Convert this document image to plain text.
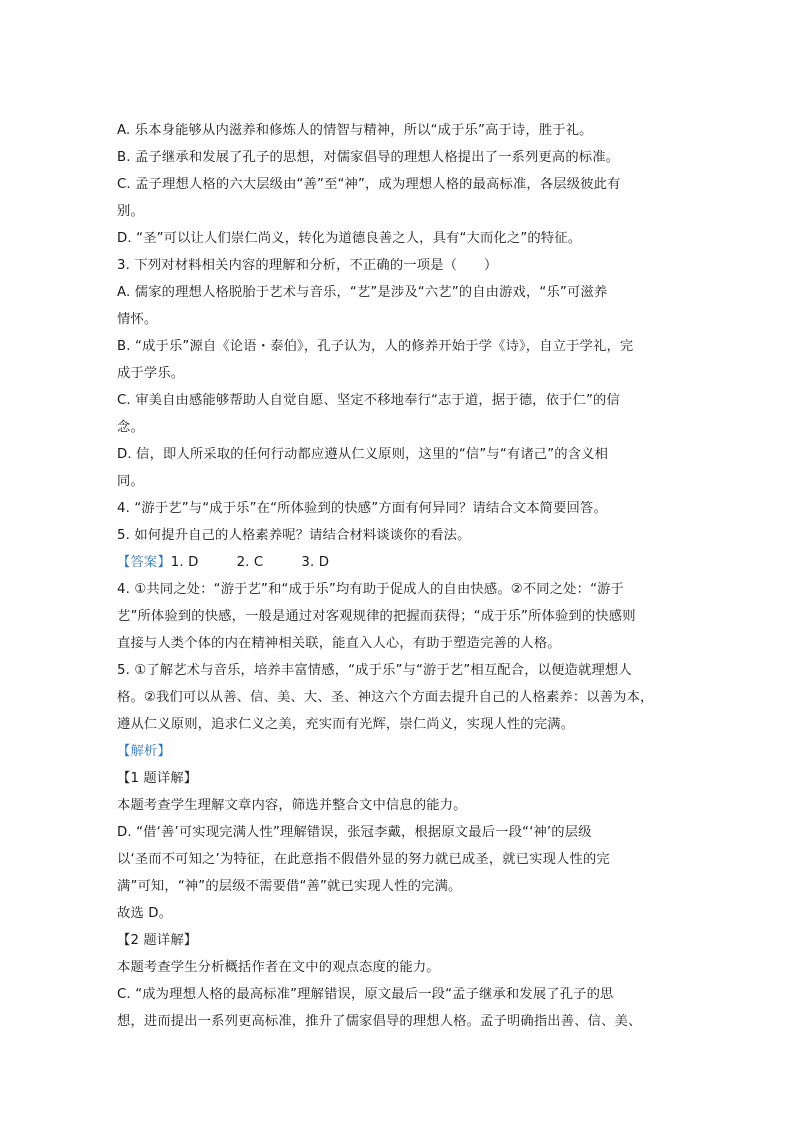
A. 乐本身能够从内滋养和修炼人的情智与精神，所以“成于乐”高于诗，胜于礼。
B. 孟子继承和发展了孔子的思想，对儒家倡导的理想人格提出了一系列更高的标准。
C. 孟子理想人格的六大层级由“善”至“神”，成为理想人格的最高标准，各层级彼此有
别。
D. “圣”可以让人们崇仁尚义，转化为道德良善之人，具有“大而化之”的特征。
3. 下列对材料相关内容的理解和分析，不正确的一项是（　　）
A. 儒家的理想人格脱胎于艺术与音乐，“艺”是涉及“六艺”的自由游戏，“乐”可滋养
情怀。
B. “成于乐”源自《论语・泰伯》，孔子认为，人的修养开始于学《诗》，自立于学礼，完
成于学乐。
C. 审美自由感能够帮助人自觉自愿、坚定不移地奉行“志于道，据于德，依于仁”的信
念。
D. 信，即人所采取的任何行动都应遵从仁义原则，这里的“信”与“有诸己”的含义相
同。
4. “游于艺”与“成于乐”在“所体验到的快感”方面有何异同？请结合文本简要回答。
5. 如何提升自己的人格素养呢？请结合材料谈谈你的看法。
【答案】1. D	2. C	3. D
4. ①共同之处：“游于艺”和“成于乐”均有助于促成人的自由快感。②不同之处：“游于
艺”所体验到的快感，一般是通过对客观规律的把握而获得；“成于乐”所体验到的快感则
直接与人类个体的内在精神相关联，能直入人心，有助于塑造完善的人格。
5. ①了解艺术与音乐，培养丰富情感，“成于乐”与“游于艺”相互配合，以便造就理想人
格。②我们可以从善、信、美、大、圣、神这六个方面去提升自己的人格素养：以善为本，
遵从仁义原则，追求仁义之美，充实而有光辉，崇仁尚义，实现人性的完满。
【解析】
【1 题详解】
本题考查学生理解文章内容，筛选并整合文中信息的能力。
D. “借‘善’可实现完满人性”理解错误，张冠李戴，根据原文最后一段“‘神’的层级
以‘圣而不可知之’为特征，在此意指不假借外显的努力就已成圣，就已实现人性的完
满”可知，“神”的层级不需要借“善”就已实现人性的完满。
故选 D。
【2 题详解】
本题考查学生分析概括作者在文中的观点态度的能力。
C. “成为理想人格的最高标准”理解错误，原文最后一段“孟子继承和发展了孔子的思
想，进而提出一系列更高标准，推升了儒家倡导的理想人格。孟子明确指出善、信、美、
